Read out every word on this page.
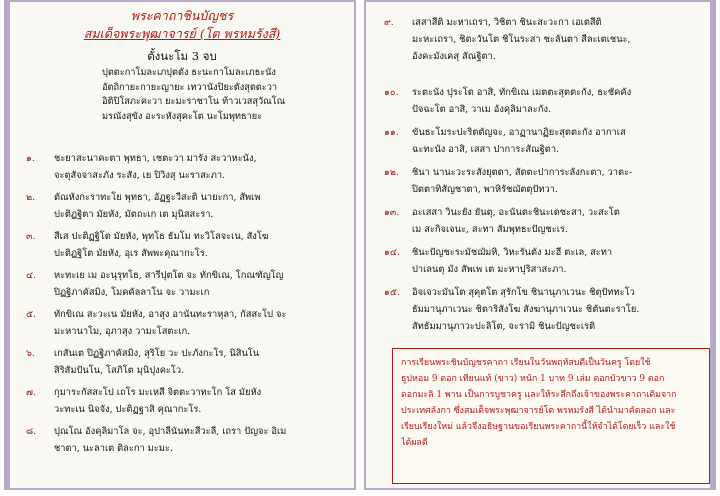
พระคาถาชินบัญชร
สมเด็จพระพุฒาจารย์ (โต พรหมรังสี)
ตั้งนะโม 3 จบ
ปุตตะกาโมละเภปุตตัง ธะนะกาโมละเภธะนัง
อัตถิกายะกายะญายะ เทวานังปิยะตังสุตตะวา
อิติปิโสภะคะวา ยะมะราชาโน ท้าวเวสสุวัณโณ
มรณังสุขัง อะระหังสุคะโต นะโมพุทธายะ
๑.	ชะยาสะนาคะตา พุทธา, เชตะวา มารัง สะวาหะนัง,
จะตุสัจจาสะภัง ระสัง, เย ปิวิงสุ นะราสะภา.
๒.	ตัณหังกะราทะโย พุทธา, อัฏฐะวีสะติ นายะกา, สัพเพ
ปะติฏฐิตา มัยหัง, มัตถะเก เต มุนิสสะรา.
๓.	สีเส ปะติฏฐิโต มัยหัง, พุทโธ ธัมโม ทะวิโลจะเน, สังโฆ
ปะติฏฐิโต มัยหัง, อุเร สัพพะคุณากะโร.
๔.	หะทะเย เม อะนุรุทโธ, สารีปุตโต จะ ทักขิเณ, โกณฑัญโญ
ปิฏฐิภาคัสมิง, โมคคัลลาโน จะ วามะเก
๕.	ทักขิเณ สะวะเน มัยหัง, อาสุง อานันทะราหุลา, กัสสะโป จะ
มะหานาโม, อุภาสุง วามะโสตะเก.
๖.	เกสันเต ปิฏฐิภาคัสมิง, สุริโย วะ ปะภังกะโร, นิสินโน
สิริสัมปันโน, โสภิโต มุนิปุงคะโว.
๗.	กุมาระกัสสะโป เถโร มะเหสี จิตตะวาทะโก โส มัยหัง
วะทะเน นิจจัง, ปะติฏฐาสิ คุณากะโร.
๘.	ปุณโณ อังคุลิมาโล จะ, อุปาลีนันทะสีวะลี, เถรา ปัญจะ อิเม
ชาตา, นะลาเต ติละกา มะมะ.
๙.	เสสาสีติ มะหาเถรา, วิชิตา ชินะสะวะกา เอเตสีติ
มะหะเถรา, ชิตะวันโต ชิโนระสา ชะลันตา สีละเตเชนะ,
อังคะมังเคสุ สัณฐิตา.
๑๐.	ระตะนัง ปุระโต อาสิ, ทักขิเณ เมตตะสุตตะกัง, ธะชัคคัง
ปัจฉะโต อาสิ, วาเม อังคุลิมาละกัง.
๑๑.	ขันธะโมระปะริตตัญจะ, อาฏานาฏิยะสุตตะกัง อากาเส
ฉะทะนัง อาสิ, เสสา ปาการะสัณฐิตา.
๑๒.	ชินา นานะวะระสังยุตตา, สัตตะปาการะลังกะตา, วาตะ-
ปิตตาทิสัญชาตา, พาหิรัชฌัตตุปัทวา.
๑๓.	อะเสสา วินะยัง ยันตุ, อะนันตะชินะเตชะสา, วะสะโต
เม สะกิจเจนะ, สะทา สัมพุทธะปัญชะเร.
๑๔.	ชินะปัญชะระมัชฌัมหิ, วิหะรันตัง มะฮี ตะเล, สะทา
ปาเลนตุ มัง สัพเพ เต มะหาปุริสาสะภา.
๑๕.	อิจเจวะมันโต สุคุตโต สุรักโข ชินานุภาเวนะ ชิตุปัททะโว
ธัมมานุภาเวนะ ชิตาริสังโฆ สังฆานุภาเวนะ ชิตันตะราโย.
สัทธัมมานุภาวะปะลิโต, จะรามิ ชินะปัญชะเรติ
การเรียนพระชินบัญชรคาถา เรียนในวันพฤหัสบดีเป็นวันครู โดยใช้
ธูปหอม 9 ดอก เทียนแท้ (ขาว) หนัก 1 บาท 9 เล่ม ดอกบัวขาว 9 ดอก
ดอกมะลิ 1 พาน เป็นการบูชาครู และให้ระลึกถึงเจ้าของพระคาถาเดิมจาก
ประเทศลังกา ซึ่งสมเด็จพระพุฒาจารย์โต พรหมรังสี ได้นำมาคัดลอก และ
เรียบเรียงใหม่ แล้วจึงอธิษฐานขอเรียนพระคาถานี้ให้จำได้โดยเร็ว และใช้
ได้ผลดี
